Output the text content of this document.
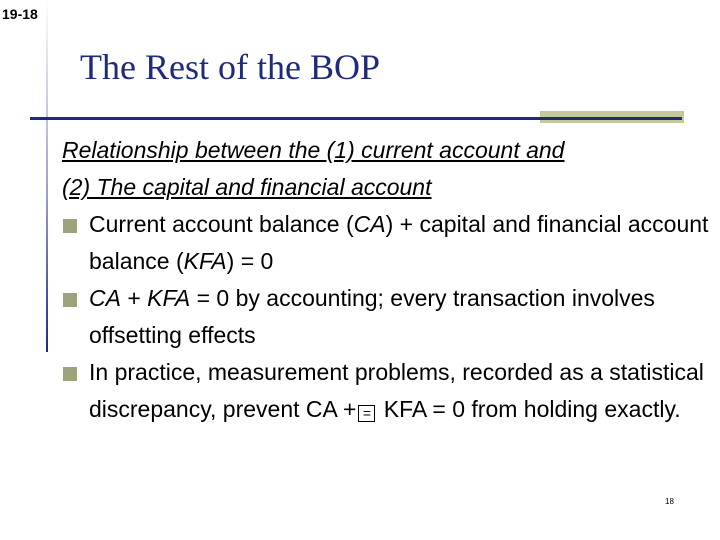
19-18
The Rest of the BOP
Relationship between the (1) current account and
(2) The capital and financial account
Current account balance (CA) + capital and financial account balance (KFA) = 0
CA + KFA = 0 by accounting; every transaction involves offsetting effects
In practice, measurement problems, recorded as a statistical discrepancy, prevent CA + = KFA = 0 from holding exactly.
18
